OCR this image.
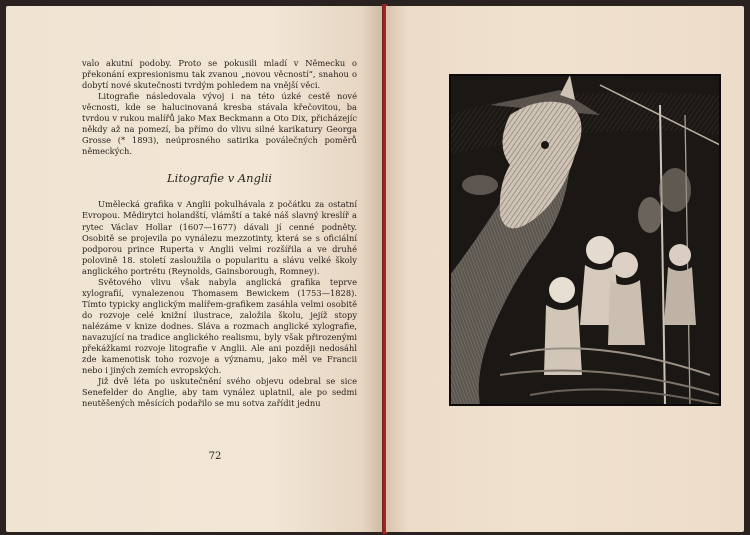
valo akutní podoby. Proto se pokusili mladí v Německu o překonání expresionismu tak zvanou „novou věcností“, snahou o dobytí nové skutečnosti tvrdým pohledem na vnější věci.

Litografie následovala vývoj i na této úzké cestě nové věcnosti, kde se halucinovaná kresba stávala křečovitou, ba tvrdou v rukou malířů jako Max Beckmann a Oto Dix, přicházejíc někdy až na pomezí, ba přímo do vlivu silné karikatury Georga Grosse (* 1893), neúprosného satirika poválečných poměrů německých.

Litografie v Anglii

Umělecká grafika v Anglii pokulhávala z počátku za ostatní Evropou. Mědirytci holandští, vlámští a také náš slavný kreslíř a rytec Václav Hollar (1607—1677) dávali jí cenné podněty. Osobitě se projevila po vynálezu mezzotinty, která se s oficiální podporou prince Ruperta v Anglii velmi rozšířila a ve druhé polovině 18. století zasloužila o popularitu a slávu velké školy anglického portrétu (Reynolds, Gainsborough, Romney).

Světového vlivu však nabyla anglická grafika teprve xylografií, vynalezenou Thomasem Bewickem (1753—1828). Tímto typicky anglickým malířem-grafikem zasáhla velmi osobitě do rozvoje celé knižní ilustrace, založila školu, jejíž stopy nalézáme v knize dodnes. Sláva a rozmach anglické xylografie, navazující na tradice anglického realismu, byly však přirozenými překážkami rozvoje litografie v Anglii. Ale ani později nedosáhl zde kamenotisk toho rozvoje a významu, jako měl ve Francii nebo i jiných zemích evropských.

Již dvě léta po uskutečnění svého objevu odebral se sice Senefelder do Anglie, aby tam vynález uplatnil, ale po sedmi neutěšených měsících podařilo se mu sotva zařídit jednu

72
